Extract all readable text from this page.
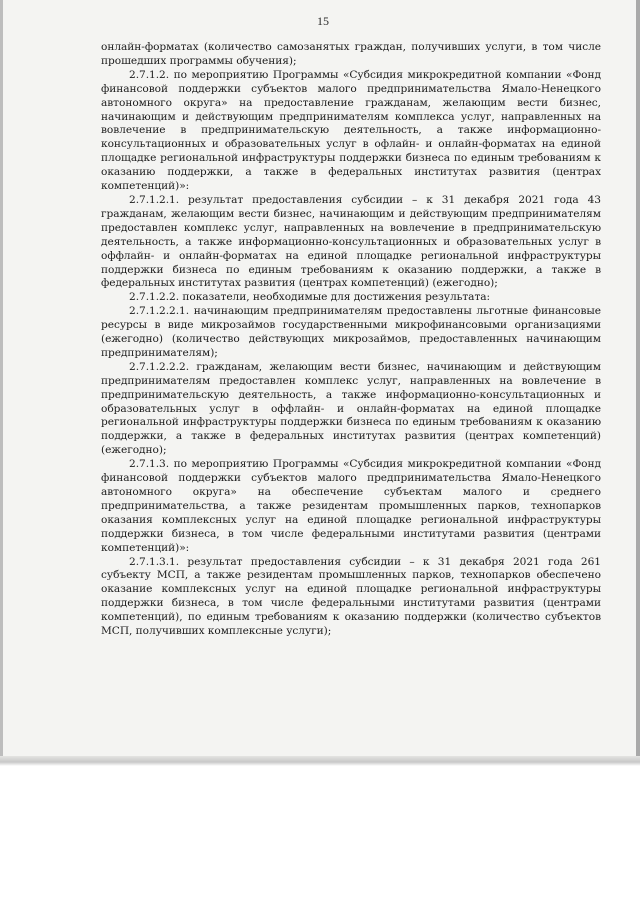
15

онлайн-форматах (количество самозанятых граждан, получивших услуги, в том числе прошедших программы обучения);

2.7.1.2. по мероприятию Программы «Субсидия микрокредитной компании «Фонд финансовой поддержки субъектов малого предпринимательства Ямало-Ненецкого автономного округа» на предоставление гражданам, желающим вести бизнес, начинающим и действующим предпринимателям комплекса услуг, направленных на вовлечение в предпринимательскую деятельность, а также информационно-консультационных и образовательных услуг в офлайн- и онлайн-форматах на единой площадке региональной инфраструктуры поддержки бизнеса по единым требованиям к оказанию поддержки, а также в федеральных институтах развития (центрах компетенций)»:

2.7.1.2.1. результат предоставления субсидии – к 31 декабря 2021 года 43 гражданам, желающим вести бизнес, начинающим и действующим предпринимателям предоставлен комплекс услуг, направленных на вовлечение в предпринимательскую деятельность, а также информационно-консультационных и образовательных услуг в оффлайн- и онлайн-форматах на единой площадке региональной инфраструктуры поддержки бизнеса по единым требованиям к оказанию поддержки, а также в федеральных институтах развития (центрах компетенций) (ежегодно);

2.7.1.2.2. показатели, необходимые для достижения результата:

2.7.1.2.2.1. начинающим предпринимателям предоставлены льготные финансовые ресурсы в виде микрозаймов государственными микрофинансовыми организациями (ежегодно) (количество действующих микрозаймов, предоставленных начинающим предпринимателям);

2.7.1.2.2.2. гражданам, желающим вести бизнес, начинающим и действующим предпринимателям предоставлен комплекс услуг, направленных на вовлечение в предпринимательскую деятельность, а также информационно-консультационных и образовательных услуг в оффлайн- и онлайн-форматах на единой площадке региональной инфраструктуры поддержки бизнеса по единым требованиям к оказанию поддержки, а также в федеральных институтах развития (центрах компетенций) (ежегодно);

2.7.1.3. по мероприятию Программы «Субсидия микрокредитной компании «Фонд финансовой поддержки субъектов малого предпринимательства Ямало-Ненецкого автономного округа» на обеспечение субъектам малого и среднего предпринимательства, а также резидентам промышленных парков, технопарков оказания комплексных услуг на единой площадке региональной инфраструктуры поддержки бизнеса, в том числе федеральными институтами развития (центрами компетенций)»:

2.7.1.3.1. результат предоставления субсидии – к 31 декабря 2021 года 261 субъекту МСП, а также резидентам промышленных парков, технопарков обеспечено оказание комплексных услуг на единой площадке региональной инфраструктуры поддержки бизнеса, в том числе федеральными институтами развития (центрами компетенций), по единым требованиям к оказанию поддержки (количество субъектов МСП, получивших комплексные услуги);
